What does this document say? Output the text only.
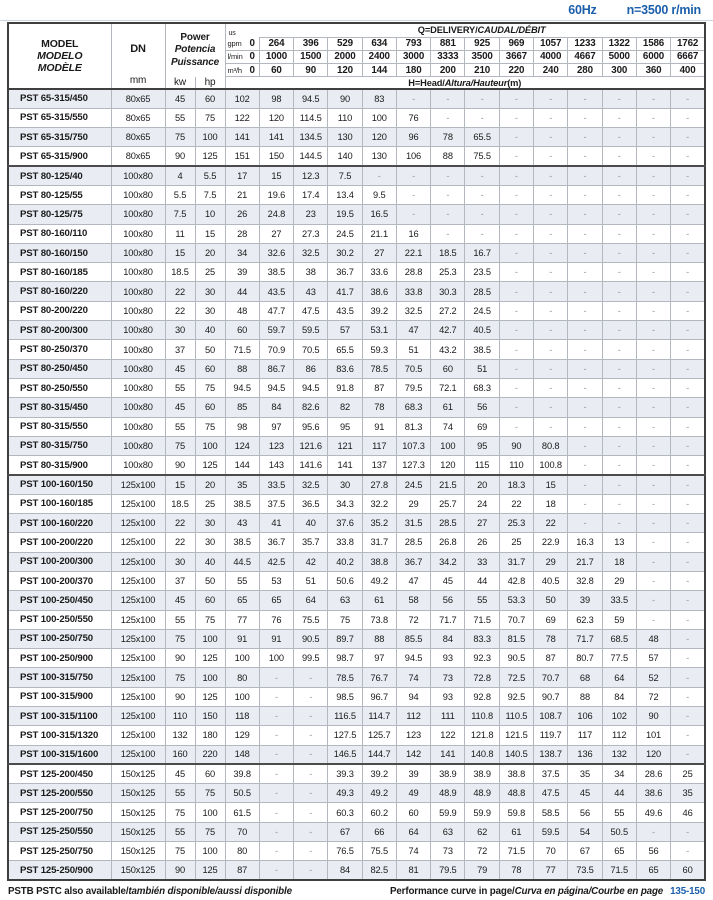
60Hz n=3500 r/min
MODEL
MODELO
MODÈLE

DN
mm

Power
Potencia
Puissance
	us	Q=DELIVERY/CAUDAL/DÉBIT

				gpm 0	264	396	529	634	793	881	925	969	1057	1233	1322	1586	1762

				l/min 0	1000	1500	2000	2400	3000	3333	3500	3667	4000	4667	5000	6000	6667

				m³/h 0	60	90	120	144	180	200	210	220	240	280	300	360	400
		kw	hp	H=Head/Altura/Hauteur(m)													
PST 65-315/450	80x65	45	60	102	98	94.5	90	83	-	-	-	-	-	-	-	-	-
PST 65-315/550	80x65	55	75	122	120	114.5	110	100	76	-	-	-	-	-	-	-	-
PST 65-315/750	80x65	75	100	141	141	134.5	130	120	96	78	65.5	-	-	-	-	-	-
PST 65-315/900	80x65	90	125	151	150	144.5	140	130	106	88	75.5	-	-	-	-	-	-
PST 80-125/40	100x80	4	5.5	17	15	12.3	7.5	-	-	-	-	-	-	-	-	-	-
PST 80-125/55	100x80	5.5	7.5	21	19.6	17.4	13.4	9.5	-	-	-	-	-	-	-	-	-
PST 80-125/75	100x80	7.5	10	26	24.8	23	19.5	16.5	-	-	-	-	-	-	-	-	-
PST 80-160/110	100x80	11	15	28	27	27.3	24.5	21.1	16	-	-	-	-	-	-	-	-
PST 80-160/150	100x80	15	20	34	32.6	32.5	30.2	27	22.1	18.5	16.7	-	-	-	-	-	-
PST 80-160/185	100x80	18.5	25	39	38.5	38	36.7	33.6	28.8	25.3	23.5	-	-	-	-	-	-
PST 80-160/220	100x80	22	30	44	43.5	43	41.7	38.6	33.8	30.3	28.5	-	-	-	-	-	-
PST 80-200/220	100x80	22	30	48	47.7	47.5	43.5	39.2	32.5	27.2	24.5	-	-	-	-	-	-
PST 80-200/300	100x80	30	40	60	59.7	59.5	57	53.1	47	42.7	40.5	-	-	-	-	-	-
PST 80-250/370	100x80	37	50	71.5	70.9	70.5	65.5	59.3	51	43.2	38.5	-	-	-	-	-	-
PST 80-250/450	100x80	45	60	88	86.7	86	83.6	78.5	70.5	60	51	-	-	-	-	-	-
PST 80-250/550	100x80	55	75	94.5	94.5	94.5	91.8	87	79.5	72.1	68.3	-	-	-	-	-	-
PST 80-315/450	100x80	45	60	85	84	82.6	82	78	68.3	61	56	-	-	-	-	-	-
PST 80-315/550	100x80	55	75	98	97	95.6	95	91	81.3	74	69	-	-	-	-	-	-
PST 80-315/750	100x80	75	100	124	123	121.6	121	117	107.3	100	95	90	80.8	-	-	-	-
PST 80-315/900	100x80	90	125	144	143	141.6	141	137	127.3	120	115	110	100.8	-	-	-	-
PST 100-160/150	125x100	15	20	35	33.5	32.5	30	27.8	24.5	21.5	20	18.3	15	-	-	-	-
PST 100-160/185	125x100	18.5	25	38.5	37.5	36.5	34.3	32.2	29	25.7	24	22	18	-	-	-	-
PST 100-160/220	125x100	22	30	43	41	40	37.6	35.2	31.5	28.5	27	25.3	22	-	-	-	-
PST 100-200/220	125x100	22	30	38.5	36.7	35.7	33.8	31.7	28.5	26.8	26	25	22.9	16.3	13	-	-
PST 100-200/300	125x100	30	40	44.5	42.5	42	40.2	38.8	36.7	34.2	33	31.7	29	21.7	18	-	-
PST 100-200/370	125x100	37	50	55	53	51	50.6	49.2	47	45	44	42.8	40.5	32.8	29	-	-
PST 100-250/450	125x100	45	60	65	65	64	63	61	58	56	55	53.3	50	39	33.5	-	-
PST 100-250/550	125x100	55	75	77	76	75.5	75	73.8	72	71.7	71.5	70.7	69	62.3	59	-	-
PST 100-250/750	125x100	75	100	91	91	90.5	89.7	88	85.5	84	83.3	81.5	78	71.7	68.5	48	-
PST 100-250/900	125x100	90	125	100	100	99.5	98.7	97	94.5	93	92.3	90.5	87	80.7	77.5	57	-
PST 100-315/750	125x100	75	100	80	-	-	78.5	76.7	74	73	72.8	72.5	70.7	68	64	52	-
PST 100-315/900	125x100	90	125	100	-	-	98.5	96.7	94	93	92.8	92.5	90.7	88	84	72	-
PST 100-315/1100	125x100	110	150	118	-	-	116.5	114.7	112	111	110.8	110.5	108.7	106	102	90	-
PST 100-315/1320	125x100	132	180	129	-	-	127.5	125.7	123	122	121.8	121.5	119.7	117	112	101	-
PST 100-315/1600	125x100	160	220	148	-	-	146.5	144.7	142	141	140.8	140.5	138.7	136	132	120	-
PST 125-200/450	150x125	45	60	39.8	-	-	39.3	39.2	39	38.9	38.9	38.8	37.5	35	34	28.6	25
PST 125-200/550	150x125	55	75	50.5	-	-	49.3	49.2	49	48.9	48.9	48.8	47.5	45	44	38.6	35
PST 125-200/750	150x125	75	100	61.5	-	-	60.3	60.2	60	59.9	59.9	59.8	58.5	56	55	49.6	46
PST 125-250/550	150x125	55	75	70	-	-	67	66	64	63	62	61	59.5	54	50.5	-	-
PST 125-250/750	150x125	75	100	80	-	-	76.5	75.5	74	73	72	71.5	70	67	65	56	-
PST 125-250/900	150x125	90	125	87	-	-	84	82.5	81	79.5	79	78	77	73.5	71.5	65	60
PSTB PSTC also available/también disponible/aussi disponible	Performance curve in page/Curva en página/Courbe en page 135-150
